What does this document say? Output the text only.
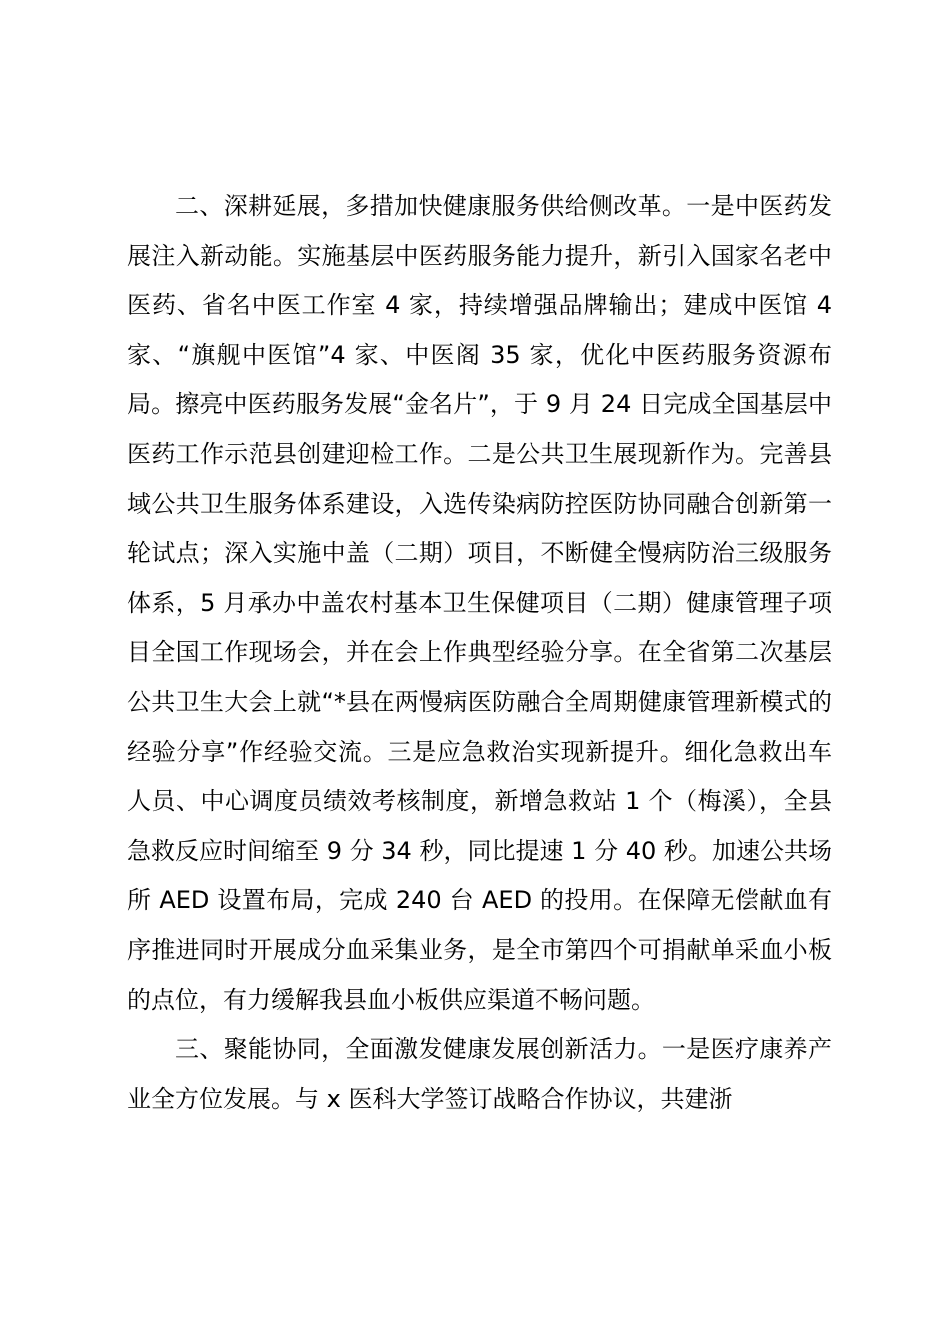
二、深耕延展，多措加快健康服务供给侧改革。一是中医药发展注入新动能。实施基层中医药服务能力提升，新引入国家名老中医药、省名中医工作室 4 家，持续增强品牌输出；建成中医馆 4 家、“旗舰中医馆”4 家、中医阁 35 家，优化中医药服务资源布局。擦亮中医药服务发展“金名片”，于 9 月 24 日完成全国基层中医药工作示范县创建迎检工作。二是公共卫生展现新作为。完善县域公共卫生服务体系建设，入选传染病防控医防协同融合创新第一轮试点；深入实施中盖（二期）项目，不断健全慢病防治三级服务体系，5 月承办中盖农村基本卫生保健项目（二期）健康管理子项目全国工作现场会，并在会上作典型经验分享。在全省第二次基层公共卫生大会上就“*县在两慢病医防融合全周期健康管理新模式的经验分享”作经验交流。三是应急救治实现新提升。细化急救出车人员、中心调度员绩效考核制度，新增急救站 1 个（梅溪），全县急救反应时间缩至 9 分 34 秒，同比提速 1 分 40 秒。加速公共场所 AED 设置布局，完成 240 台 AED 的投用。在保障无偿献血有序推进同时开展成分血采集业务，是全市第四个可捐献单采血小板的点位，有力缓解我县血小板供应渠道不畅问题。

三、聚能协同，全面激发健康发展创新活力。一是医疗康养产业全方位发展。与 x 医科大学签订战略合作协议，共建浙
